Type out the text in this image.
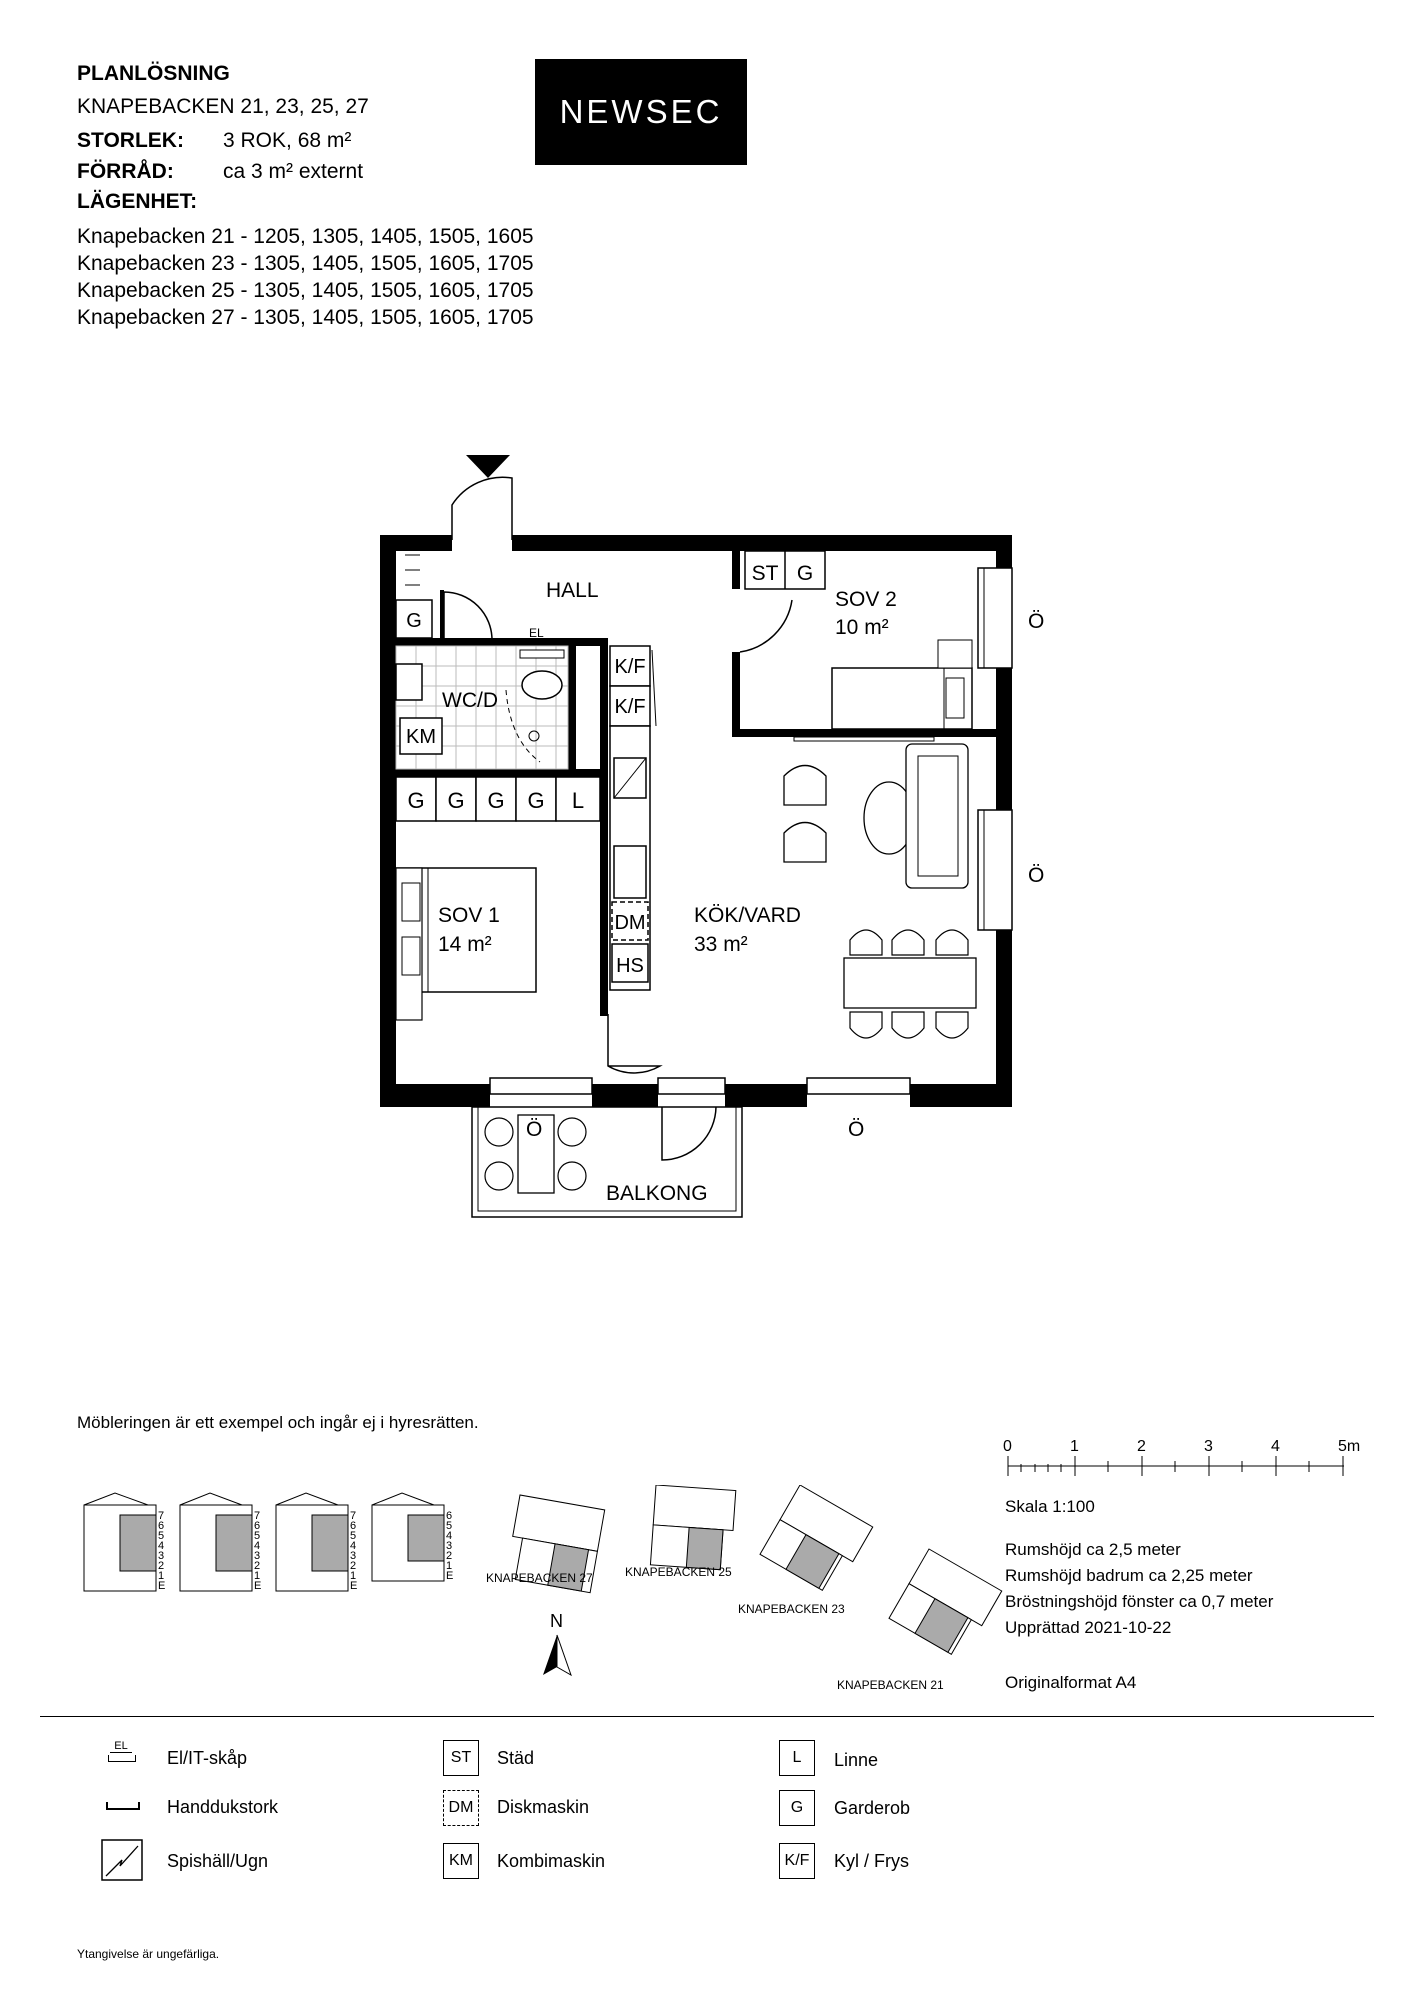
PLANLÖSNING
KNAPEBACKEN 21, 23, 25, 27
STORLEK: 3 ROK, 68 m²
FÖRRÅD: ca 3 m² externt
LÄGENHET:
Knapebacken 21 - 1205, 1305, 1405, 1505, 1605
Knapebacken 23 - 1305, 1405, 1505, 1605, 1705
Knapebacken 25 - 1305, 1405, 1505, 1605, 1705
Knapebacken 27 - 1305, 1405, 1505, 1605, 1705
NEWSEC
G
EL
KM
WC/D
G G G G L
SOV 1
14 m²
K/F
K/F
DM
HS
ST G
SOV 2
10 m²
HALL
KÖK/VARD
33 m²
Ö
Ö
Ö
Ö
BALKONG
Möbleringen är ett exempel och ingår ej i hyresrätten.
7
6
5
4
3
2
1
E
7
6
5
4
3
2
1
E
7
6
5
4
3
2
1
E
6
5
4
3
2
1
E	KNAPEBACKEN 27	KNAPEBACKEN 25
KNAPEBACKEN 23
N
KNAPEBACKEN 21
0	1	2	3	4	5m
Skala 1:100
Rumshöjd ca 2,5 meter
Rumshöjd badrum ca 2,25 meter
Bröstningshöjd fönster ca 0,7 meter
Upprättad 2021-10-22
Originalformat A4
EL
El/IT-skåp
Handdukstork
Spishäll/Ugn
ST	Städ
DM	Diskmaskin
KM	Kombimaskin
L	Linne
G	Garderob
K/F	Kyl / Frys
Ytangivelse är ungefärliga.
